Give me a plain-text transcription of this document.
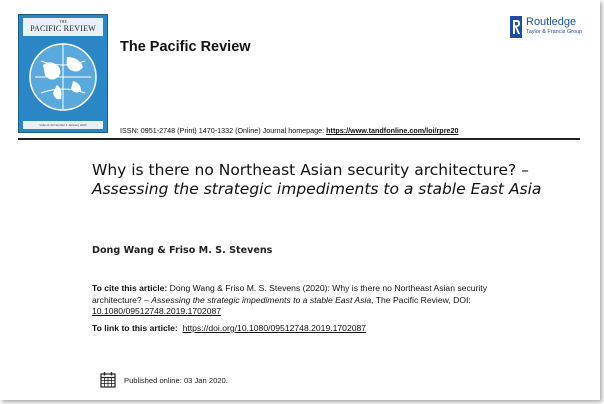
THE
PACIFIC REVIEW
Volume 33 Number 1 January 2020
The Pacific Review
Routledge
Taylor & Francis Group
ISSN: 0951-2748 (Print) 1470-1332 (Online) Journal homepage: https://www.tandfonline.com/loi/rpre20
Why is there no Northeast Asian security architecture? – Assessing the strategic impediments to a stable East Asia

Dong Wang & Friso M. S. Stevens

To cite this article: Dong Wang & Friso M. S. Stevens (2020): Why is there no Northeast Asian security architecture? – Assessing the strategic impediments to a stable East Asia, The Pacific Review, DOI: 10.1080/09512748.2019.1702087
To link to this article: https://doi.org/10.1080/09512748.2019.1702087
Published online: 03 Jan 2020.
